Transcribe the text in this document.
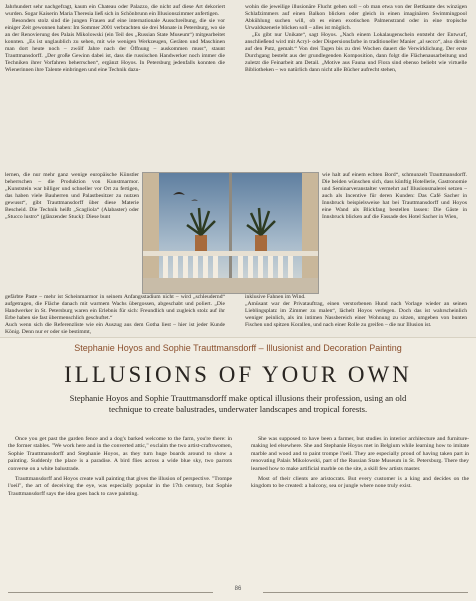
Jahrhundert sehr nachgefragt, kaum ein Chateau oder Palazzo, die nicht auf diese Art dekoriert wurden. Sogar Kaiserin Maria Theresia ließ sich in Schönbrunn ein Illusionszimmer anfertigen.

Besonders stolz sind die jungen Frauen auf eine internationale Ausschreibung, die sie vor einiger Zeit gewonnen haben: Im Sommer 2001 verbrachten sie drei Monate in Petersburg, wo sie an der Renovierung des Palais Mikolowski (ein Teil des „Russian State Museum“) mitgearbeitet konnten. „Es ist unglaublich zu sehen, mit wie wenigen Werkzeugen, Geräten und Maschinen man dort heute noch – zwölf Jahre nach der Öffnung – auskommen muss“, staunt Trauttmansdorff. „Der große Gewinn dabei ist, dass die russischen Handwerker noch immer die Techniken ihrer Vorfahren beherrschen“, ergänzt Hoyos. In Petersburg jedenfalls konnten die Wienerinnen ihre Talente einbringen und eine Technik dazu-

lernen, die nur mehr ganz wenige europäische Künstler beherrschen – die Produktion von Kunstmarmor. „Kunststein war billiger und schneller vor Ort zu fertigen, das haben viele Bauherren und Palastbesitzer zu nutzen gewusst“, gibt Trauttmansdorff über diese Materie Bescheid. Die Technik heißt „Scagliola“ (Alabaster) oder „Stucco lustro“ (glänzender Stuck): Diese bunt

gefärbte Paste – mehr ist Scheinmarmor in seinem Anfangsstadium nicht – wird „schleudernd“ aufgetragen, die Fläche danach mit warmem Wachs übergossen, abgeschabt und poliert. „Die Handwerker in St. Petersburg waren ein Erlebnis für sich: Freundlich und zugleich stolz auf ihr Erbe haben sie fast übermenschlich geschuftet.“

Auch wenn sich die Referenzliste wie ein Auszug aus dem Gotha liest – hier ist jeder Kunde König. Denn nur er oder sie bestimmt,

wohin die jeweilige illusionäre Flucht gehen soll – ob man etwa von der Bettkante des winzigen Schlafzimmers auf einen Balkon blicken oder gleich in einen imaginären Swimmingpool Abkühlung suchen will, ob es einen exotischen Palmenstrand oder in eine tropische Urwaldszenerie blicken soll – alles ist möglich.

„Es gibt nur Unikate“, sagt Hoyos. „Nach einem Lokalaugenschein entsteht der Entwurf, anschließend wird mit Acryl- oder Dispersionsfarbe in traditioneller Manier „al secco“, also direkt auf den Putz, gemalt.“ Von drei Tagen bis zu drei Wochen dauert die Verwirklichung. Der erste Durchgang besteht aus der grundlegenden Komposition, dann folgt die Flächenausarbeitung und zuletzt die Feinarbeit am Detail. „Motive aus Fauna und Flora sind ebenso beliebt wie virtuelle Bibliotheken – wo natürlich dann nicht alle Bücher aufrecht stehen,

wie halt auf einem echten Bord“, schmunzelt Trauttmansdorff. Die beiden wünschen sich, dass künftig Hotellerie, Gastronomie und Seminarveranstalter vermehrt auf Illusionsmalerei setzen – auch als Incentive für deren Kunden: Das Café Sacher in Innsbruck beispielsweise hat bei Trauttmansdorff und Hoyos eine Wand als Blickfang bestellen lassen: Die Gäste in Innsbruck blicken auf die Fassade des Hotel Sacher in Wien,

inklusive Fahnen im Wind.

„Amüsant war der Privatauftrag, einen verstorbenen Hund nach Vorlage wieder an seinen Lieblingsplatz im Zimmer zu malen“, lächelt Hoyos verlegen. Doch das ist wahrscheinlich weniger peinlich, als im intimen Nassbereich einer Wohnung zu sitzen, umgeben von bunten Fischen und spitzen Korallen, und nach einer Rolle zu greifen – die nur Illusion ist.

Stephanie Hoyos and Sophie Trauttmansdorff – Illusionist and Decoration Painting
ILLUSIONS OF YOUR OWN
Stephanie Hoyos and Sophie Trauttmansdorff make optical illusions their profession, using an old technique to create balustrades, underwater landscapes and tropical forests.

Once you get past the garden fence and a dog's barked welcome to the farm, you're there: in the former stables. "We work here and in the converted attic," exclaim the two artist-craftswomen, Sophie Trauttmansdorff and Stephanie Hoyos, as they turn huge boards around to show a painting. Suddenly the place is a paradise. A bird flies across a wide blue sky, two parrots converse on a white balustrade.

Trauttmansdorff and Hoyos create wall painting that gives the illusion of perspective. "Trompe l'oeil", the art of deceiving the eye, was especially popular in the 17th century, but Sophie Trauttmansdorff says the idea goes back to cave painting.

She was supposed to have been a farmer, but studies in interior architecture and furniture-making led elsewhere. She and Stephanie Hoyos met in Belgium while learning how to imitate marble and wood and to paint trompe l'oeil. They are especially proud of having taken part in renovating Palais Mikolowski, part of the Russian State Museum in St. Petersburg. There they learned how to make artificial marble on the site, a skill few artists master.

Most of their clients are aristocrats. But every customer is a king and decides on the kingdom to be created: a balcony, sea or jungle where none truly exist.

86
